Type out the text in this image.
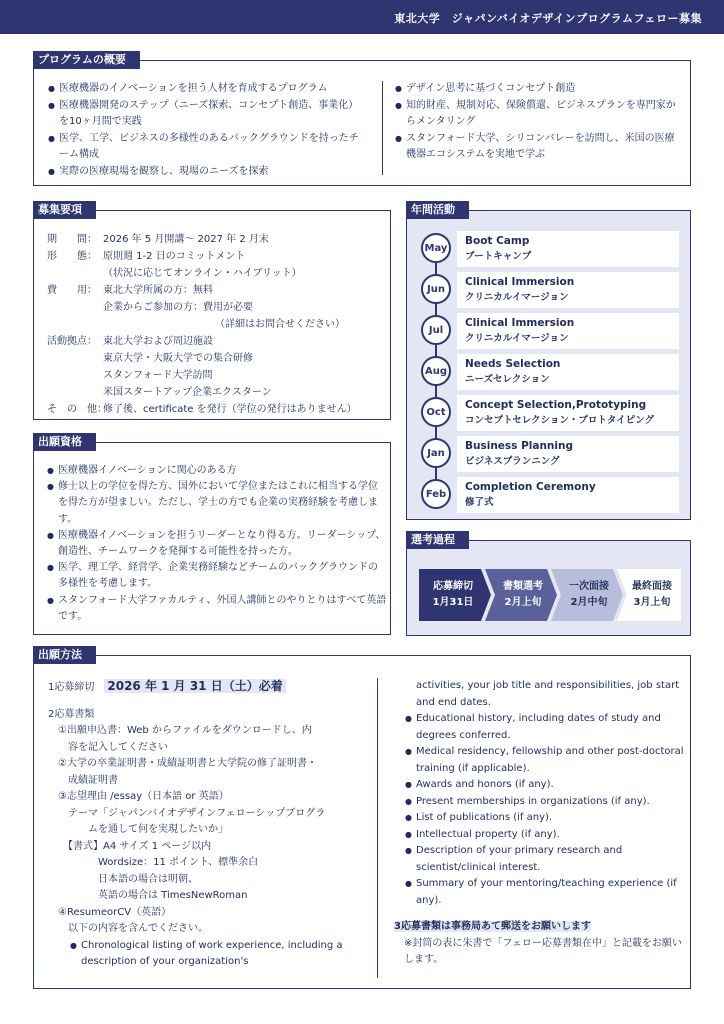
東北大学　ジャパンバイオデザインプログラムフェロー募集
プログラムの概要
● 医療機器のイノベーションを担う人材を育成するプログラム
● 医療機器開発のステップ（ニーズ探索、コンセプト創造、事業化）を10ヶ月間で実践
● 医学、工学、ビジネスの多様性のあるバックグラウンドを持ったチーム構成
● 実際の医療現場を観察し、現場のニーズを探索
● デザイン思考に基づくコンセプト創造
● 知的財産、規制対応、保険償還、ビジネスプランを専門家からメンタリング
● スタンフォード大学、シリコンバレーを訪問し、米国の医療機器エコシステムを実地で学ぶ
募集要項
期　　間： 2026 年 5 月開講～ 2027 年 2 月末
形　　態： 原則週 1-2 日のコミットメント
（状況に応じてオンライン・ハイブリット）
費　　用： 東北大学所属の方：無料
企業からご参加の方：費用が必要
（詳細はお問合せください）
活動拠点： 東北大学および周辺施設
東京大学・大阪大学での集合研修
スタンフォード大学訪問
米国スタートアップ企業エクスターン
そ　の　他：
修了後、certificate を発行（学位の発行はありません）
出願資格
● 医療機器イノベーションに関心のある方
● 修士以上の学位を得た方、国外において学位またはこれに相当する学位を得た方が望ましい。ただし、学士の方でも企業の実務経験を考慮します。
● 医療機器イノベーションを担うリーダーとなり得る方。リーダーシップ、創造性、チームワークを発揮する可能性を持った方。
● 医学、理工学、経営学、企業実務経験などチームのバックグラウンドの多様性を考慮します。
● スタンフォード大学ファカルティ、外国人講師とのやりとりはすべて英語です。
年間活動
May
Boot Camp
ブートキャンプ
Jun
Clinical Immersion
クリニカルイマージョン
Jul
Clinical Immersion
クリニカルイマージョン
Aug
Needs Selection
ニーズセレクション
Oct
Concept Selection,Prototyping
コンセプトセレクション・プロトタイピング
Jan
Business Planning
ビジネスプランニング
Feb
Completion Ceremony
修了式
選考過程
応募締切
1月31日
書類選考
2月上旬
一次面接
2月中旬
最終面接
3月上旬
出願方法
1応募締切　 2026 年 1 月 31 日（土）必着
2応募書類
　①出願申込書：Web からファイルをダウンロードし、内
　　容を記入してください
　②大学の卒業証明書・成績証明書と大学院の修了証明書・
　　成績証明書
　③志望理由 /essay（日本語 or 英語）
　　テーマ「ジャパンバイオデザインフェローシップブログラ
　　　　ムを通して何を実現したいか」
　　【書式】A4 サイズ 1 ページ以内
　　　　　Wordsize：11 ポイント、標準余白
　　　　　日本語の場合は明朝、
　　　　　英語の場合は TimesNewRoman
　④ResumeorCV（英語）
　　以下の内容を含んでください。
● Chronological listing of work experience, including a description of your organization's
activities, your job title and responsibilities, job start and end dates.
● Educational history, including dates of study and degrees conferred.
● Medical residency, fellowship and other post-doctoral training (if applicable).
● Awards and honors (if any).
● Present memberships in organizations (if any).
● List of publications (if any).
● Intellectual property (if any).
● Description of your primary research and scientist/clinical interest.
● Summary of your mentoring/teaching experience (if any).
3応募書類は事務局あて郵送をお願いします
※封筒の表に朱書で「フェロー応募書類在中」と記載をお願いします。
